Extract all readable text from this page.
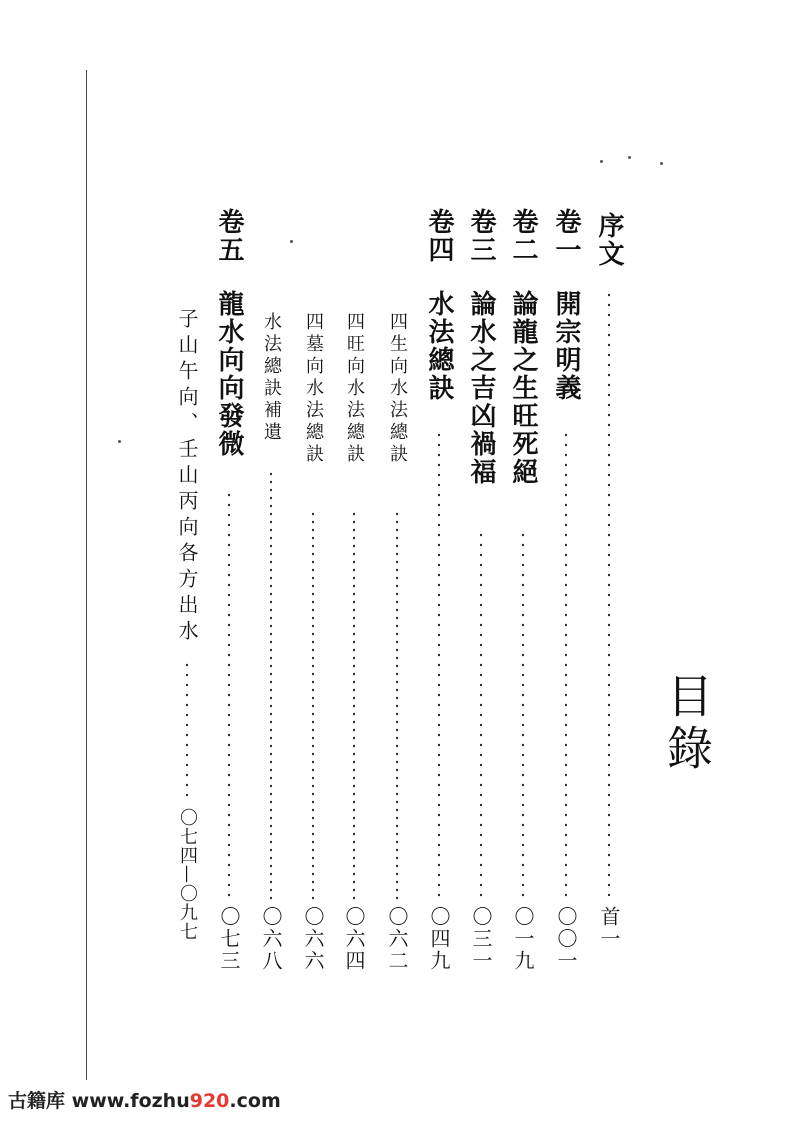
目錄
序文
首一
卷一
開宗明義
〇〇一
卷二
論龍之生旺死絕
〇一九
卷三
論水之吉凶禍福
〇三一
卷四
水法總訣
〇四九
四生向水法總訣
〇六二
四旺向水法總訣
〇六四
四墓向水法總訣
〇六六
水法總訣補遺
〇六八
卷五
龍水向向發微
〇七三
子山午向、壬山丙向各方出水
〇七四—〇九七
古籍库 www.fozhu920.com
